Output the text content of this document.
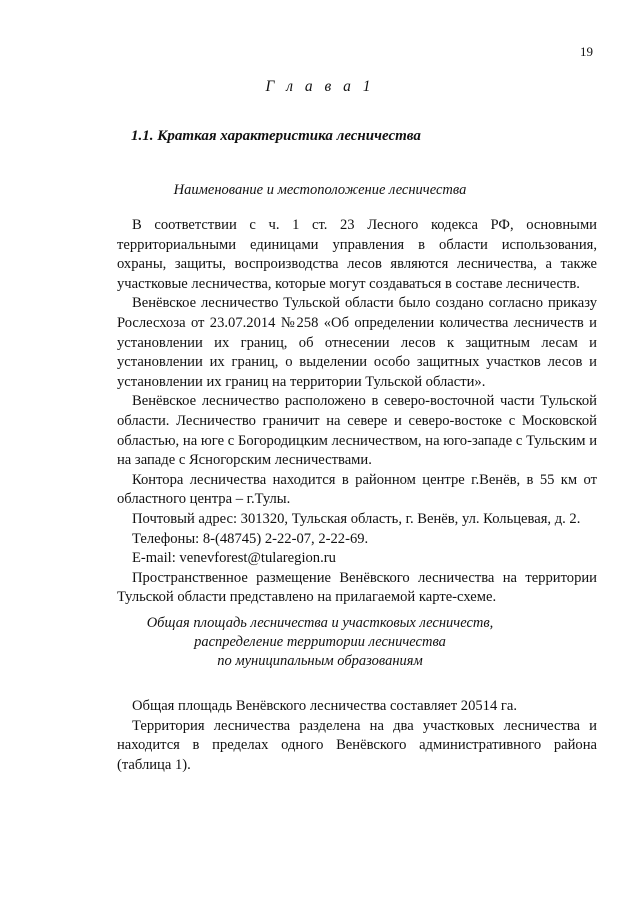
19
Г л а в а 1
1.1. Краткая характеристика лесничества
Наименование и местоположение лесничества

В соответствии с ч. 1 ст. 23 Лесного кодекса РФ, основными территориальными единицами управления в области использования, охраны, защиты, воспроизводства лесов являются лесничества, а также участковые лесничества, которые могут создаваться в составе лесничеств.

Венёвское лесничество Тульской области было создано согласно приказу Рослесхоза от 23.07.2014 №258 «Об определении количества лесничеств и установлении их границ, об отнесении лесов к защитным лесам и установлении их границ, о выделении особо защитных участков лесов и установлении их границ на территории Тульской области».

Венёвское лесничество расположено в северо-восточной части Тульской области. Лесничество граничит на севере и северо-востоке с Московской областью, на юге с Богородицким лесничеством, на юго-западе с Тульским и на западе с Ясногорским лесничествами.

Контора лесничества находится в районном центре г.Венёв, в 55 км от областного центра – г.Тулы.

Почтовый адрес: 301320, Тульская область, г. Венёв, ул. Кольцевая, д. 2.

Телефоны: 8-(48745) 2-22-07, 2-22-69.

E-mail: venevforest@tularegion.ru

Пространственное размещение Венёвского лесничества на территории Тульской области представлено на прилагаемой карте-схеме.

Общая площадь лесничества и участковых лесничеств,
распределение территории лесничества
по муниципальным образованиям

Общая площадь Венёвского лесничества составляет 20514 га.

Территория лесничества разделена на два участковых лесничества и находится в пределах одного Венёвского административного района (таблица 1).
